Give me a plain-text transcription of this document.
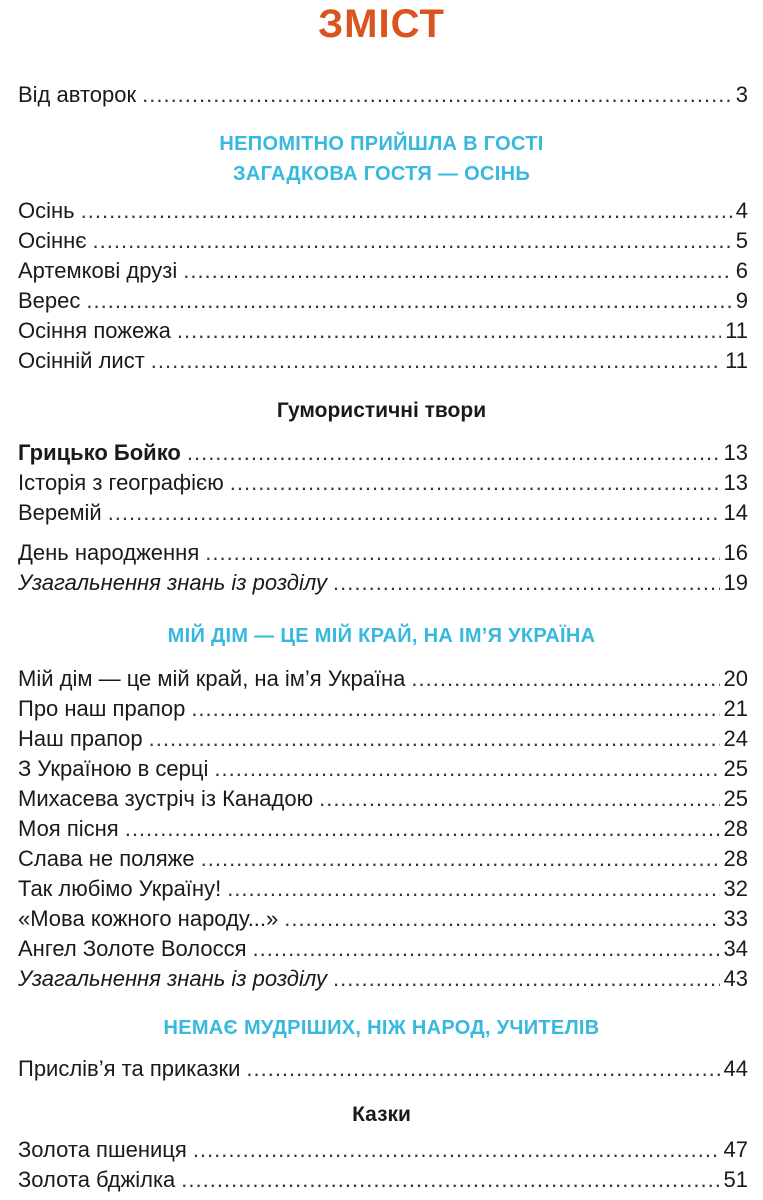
ЗМІСТ
Від авторок .....	3
НЕПОМІТНО ПРИЙШЛА В ГОСТІ
ЗАГАДКОВА ГОСТЯ — ОСІНЬ
Осінь .....	4
Осіннє .....	5
Артемкові друзі .....	6
Верес .....	9
Осіння пожежа .....	11
Осінній лист .....	11
Гумористичні твори
Грицько Бойко .....	13
Історія з географією .....	13
Веремій .....	14
День народження .....	16
Узагальнення знань із розділу .....	19
МІЙ ДІМ — ЦЕ МІЙ КРАЙ, НА ІМ’Я УКРАЇНА
Мій дім — це мій край, на ім’я Україна .....	20
Про наш прапор .....	21
Наш прапор .....	24
З Україною в серці .....	25
Михасева зустріч із Канадою .....	25
Моя пісня .....	28
Слава не поляже .....	28
Так любімо Україну! .....	32
«Мова кожного народу...» .....	33
Ангел Золоте Волосся .....	34
Узагальнення знань із розділу .....	43
НЕМАЄ МУДРІШИХ, НІЖ НАРОД, УЧИТЕЛІВ
Прислів’я та приказки .....	44
Казки
Золота пшениця .....	47
Золота бджілка .....	51
